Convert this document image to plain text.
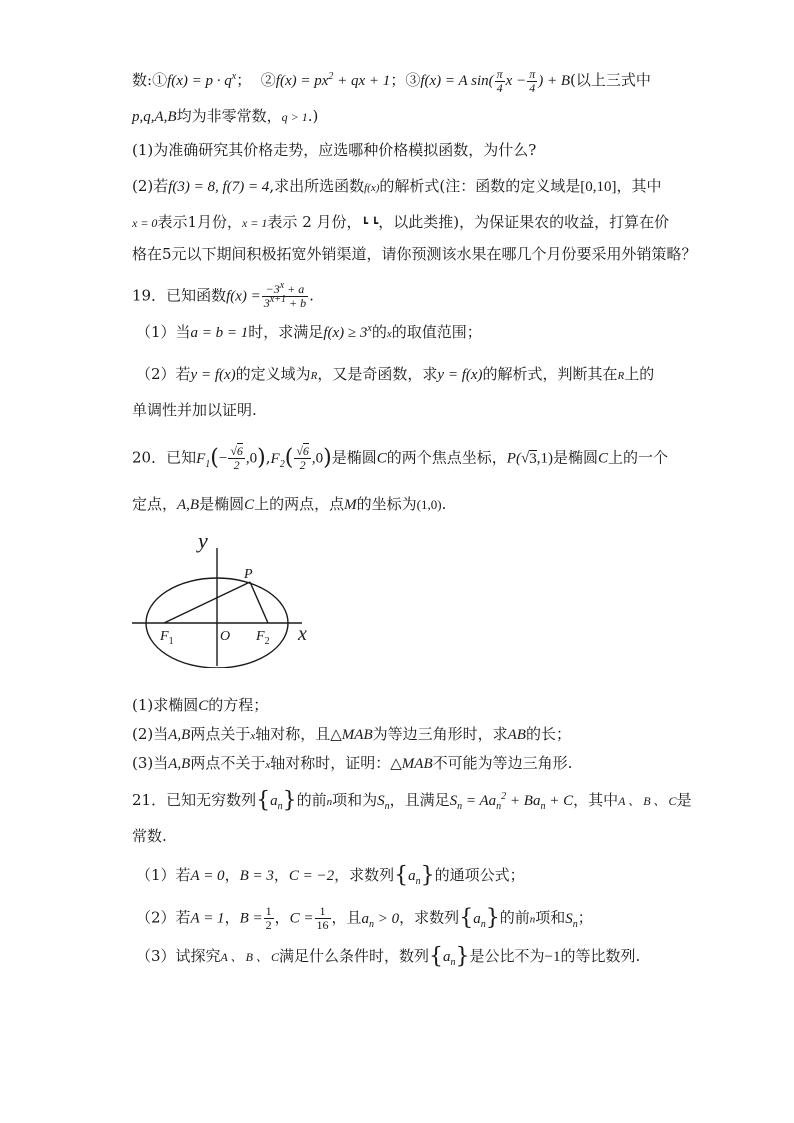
数:①f(x) = $p \cdot q^x$； ②f(x) = $px^2$ + qx + 1；③f(x) = A $\sin( \frac{\pi}{4}$ $x - \frac{\pi}{4}$ ) + B(以上三式中
p,q,A,B均为非零常数，q > 1.)
(1)为准确研究其价格走势，应选哪种价格模拟函数，为什么?
(2)若f(3) = 8, f(7) = 4,求出所选函数f(x)的解析式(注：函数的定义域是[0,10]，其中
x = 0表示1月份，x = 1表示 2 月份，┗ ┗，以此类推)，为保证果农的收益，打算在价
格在5元以下期间积极拓宽外销渠道，请你预测该水果在哪几个月份要采用外销策略？
19．已知函数$f(x) = \frac{-3^x + a}{3^{x+1} + b}$ .
（1）当a = b = 1时，求满足$f(x) \ge 3^x$的x的取值范围；
（2）若y = f(x)的定义域为R，又是奇函数，求y = f(x)的解析式，判断其在R上的
单调性并加以证明.
20．已知$F_1(- \frac{√6}{2} ,0),F_2( \frac{√6}{2} ,0)$是椭圆C的两个焦点坐标，P(√3,1)是椭圆C上的一个
定点，A,B是椭圆C上的两点，点M的坐标为(1,0).
y
x
P
O
$F_1$	$F_2$
(1)求椭圆C的方程；
(2)当A,B两点关于x轴对称，且△MAB为等边三角形时，求AB的长；
(3)当A,B两点不关于x轴对称时，证明：△MAB不可能为等边三角形.
21．已知无穷数列$\{a_n\}$的前n项和为$S_n$，且满足$S_n = Aa_n^2 + Ba_n + C$，其中A 、 B 、 C是
常数.
（1）若A = 0，B = 3，C = −2，求数列$\{a_n\}$的通项公式；
（2）若A = 1，$B = \frac{1}{2}$ ，$C = \frac{1}{16}$ ，且$a_n > 0$，求数列$\{a_n\}$的前n项和$S_n$；
（3）试探究A 、 B 、 C满足什么条件时，数列$\{a_n\}$是公比不为−1的等比数列.
